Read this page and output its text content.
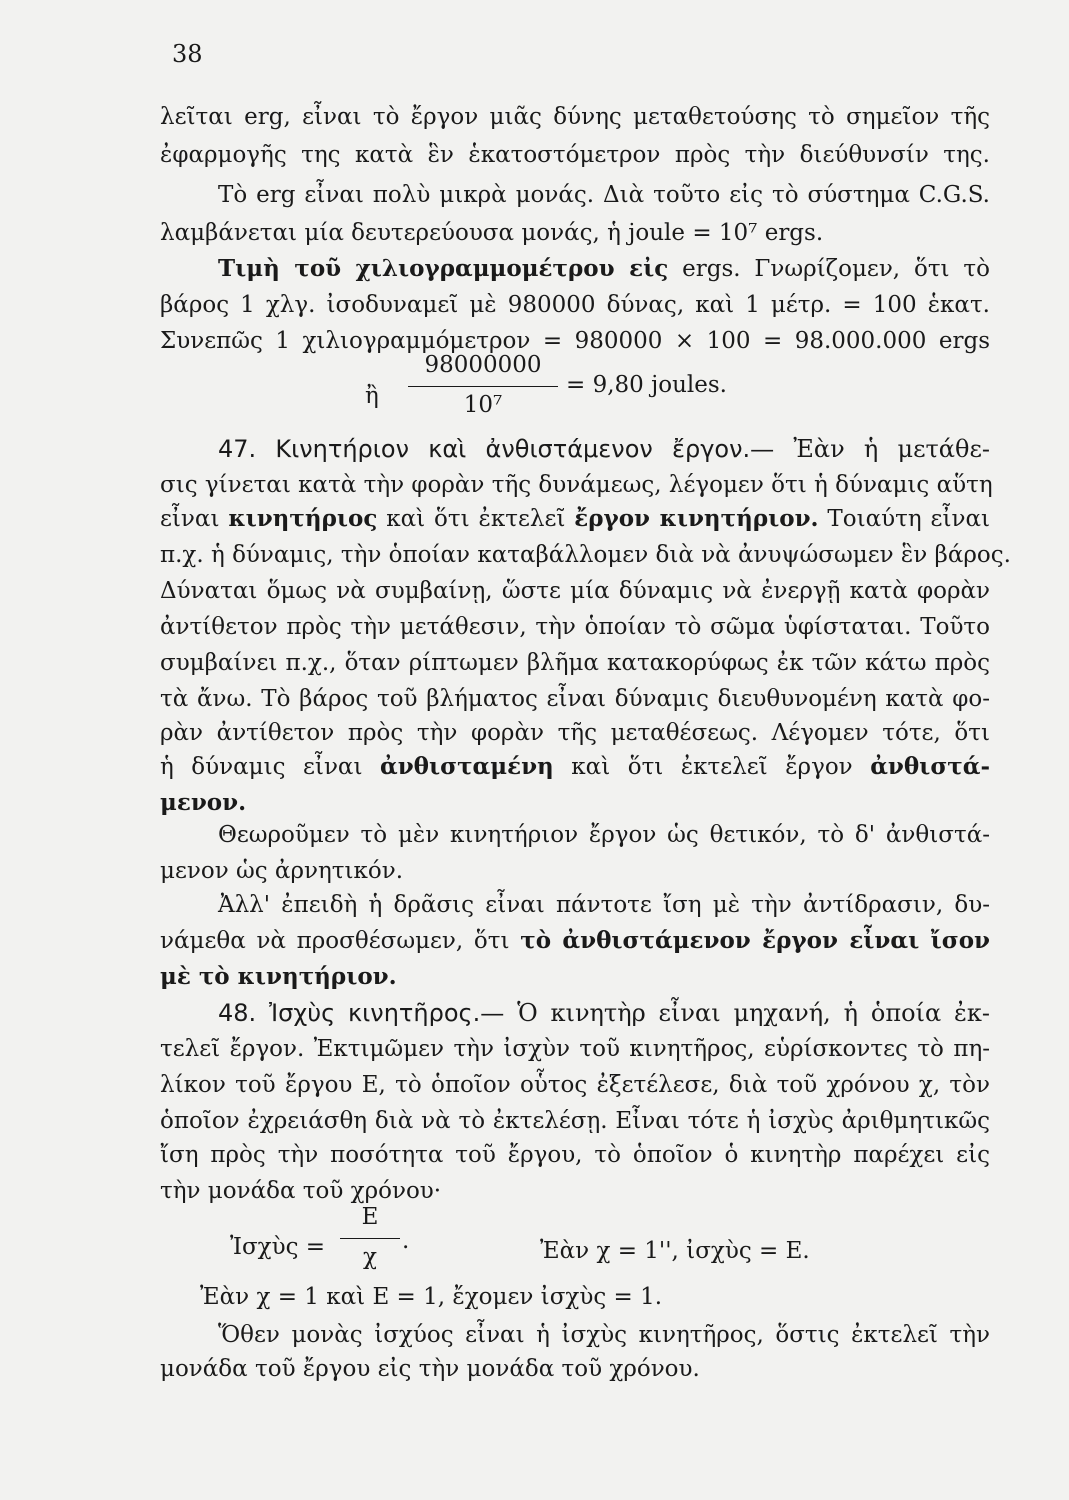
38
λεῖται erg, εἶναι τὸ ἔργον μιᾶς δύνης μεταθετούσης τὸ σημεῖον τῆς
ἐφαρμογῆς της κατὰ ἓν ἑκατοστόμετρον πρὸς τὴν διεύθυνσίν της.
Τὸ erg εἶναι πολὺ μικρὰ μονάς. Διὰ τοῦτο εἰς τὸ σύστημα C.G.S.
λαμβάνεται μία δευτερεύουσα μονάς, ἡ joule = 10⁷ ergs.
Τιμὴ τοῦ χιλιογραμμομέτρου εἰς ergs. Γνωρίζομεν, ὅτι τὸ
βάρος 1 χλγ. ἰσοδυναμεῖ μὲ 980000 δύνας, καὶ 1 μέτρ. = 100 ἑκατ.
Συνεπῶς 1 χιλιογραμμόμετρον = 980000 × 100 = 98.000.000 ergs
ἢ
98000000
10⁷
= 9,80 joules.
47. Κινητήριον καὶ ἀνθιστάμενον ἔργον.— Ἐὰν ἡ μετάθε-
σις γίνεται κατὰ τὴν φορὰν τῆς δυνάμεως, λέγομεν ὅτι ἡ δύναμις αὕτη
εἶναι κινητήριος καὶ ὅτι ἐκτελεῖ ἔργον κινητήριον. Τοιαύτη εἶναι
π.χ. ἡ δύναμις, τὴν ὁποίαν καταβάλλομεν διὰ νὰ ἀνυψώσωμεν ἓν βάρος.
Δύναται ὅμως νὰ συμβαίνῃ, ὥστε μία δύναμις νὰ ἐνεργῇ κατὰ φορὰν
ἀντίθετον πρὸς τὴν μετάθεσιν, τὴν ὁποίαν τὸ σῶμα ὑφίσταται. Τοῦτο
συμβαίνει π.χ., ὅταν ρίπτωμεν βλῆμα κατακορύφως ἐκ τῶν κάτω πρὸς
τὰ ἄνω. Τὸ βάρος τοῦ βλήματος εἶναι δύναμις διευθυνομένη κατὰ φο-
ρὰν ἀντίθετον πρὸς τὴν φορὰν τῆς μεταθέσεως. Λέγομεν τότε, ὅτι
ἡ δύναμις εἶναι ἀνθισταμένη καὶ ὅτι ἐκτελεῖ ἔργον ἀνθιστά-
μενον.
Θεωροῦμεν τὸ μὲν κινητήριον ἔργον ὡς θετικόν, τὸ δ' ἀνθιστά-
μενον ὡς ἀρνητικόν.
Ἀλλ' ἐπειδὴ ἡ δρᾶσις εἶναι πάντοτε ἴση μὲ τὴν ἀντίδρασιν, δυ-
νάμεθα νὰ προσθέσωμεν, ὅτι τὸ ἀνθιστάμενον ἔργον εἶναι ἴσον
μὲ τὸ κινητήριον.
48. Ἰσχὺς κινητῆρος.— Ὁ κινητὴρ εἶναι μηχανή, ἡ ὁποία ἐκ-
τελεῖ ἔργον. Ἐκτιμῶμεν τὴν ἰσχὺν τοῦ κινητῆρος, εὑρίσκοντες τὸ πη-
λίκον τοῦ ἔργου Ε, τὸ ὁποῖον οὗτος ἐξετέλεσε, διὰ τοῦ χρόνου χ, τὸν
ὁποῖον ἐχρειάσθη διὰ νὰ τὸ ἐκτελέσῃ. Εἶναι τότε ἡ ἰσχὺς ἀριθμητικῶς
ἴση πρὸς τὴν ποσότητα τοῦ ἔργου, τὸ ὁποῖον ὁ κινητὴρ παρέχει εἰς
τὴν μονάδα τοῦ χρόνου·
Ἰσχὺς =
Ε
χ
.	Ἐὰν χ = 1'', ἰσχὺς = Ε.
Ἐὰν χ = 1 καὶ Ε = 1, ἔχομεν ἰσχὺς = 1.
Ὅθεν μονὰς ἰσχύος εἶναι ἡ ἰσχὺς κινητῆρος, ὅστις ἐκτελεῖ τὴν
μονάδα τοῦ ἔργου εἰς τὴν μονάδα τοῦ χρόνου.
